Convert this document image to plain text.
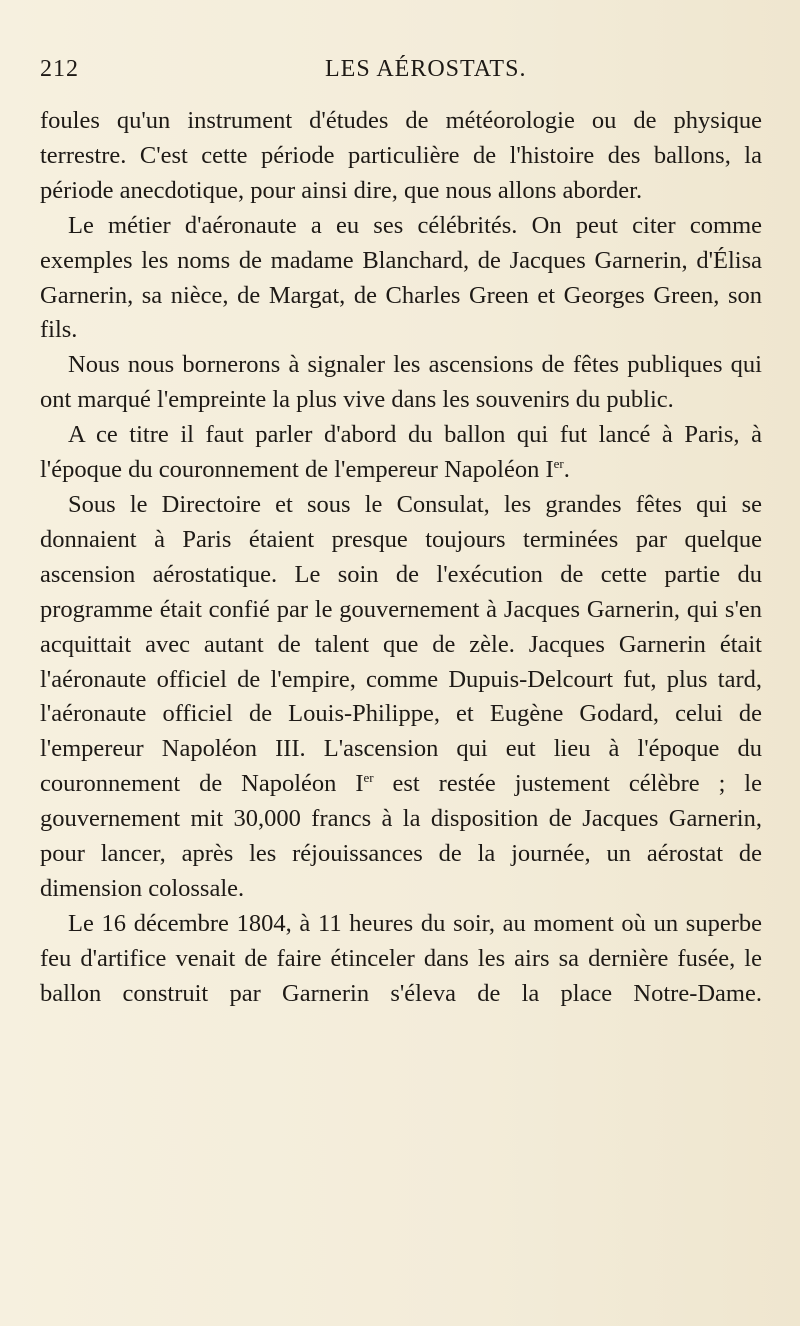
212	LES AÉROSTATS.

foules qu'un instrument d'études de météorologie ou de physique terrestre. C'est cette période particulière de l'histoire des ballons, la période anecdotique, pour ainsi dire, que nous allons aborder.

Le métier d'aéronaute a eu ses célébrités. On peut citer comme exemples les noms de madame Blanchard, de Jacques Garnerin, d'Élisa Garnerin, sa nièce, de Margat, de Charles Green et Georges Green, son fils.

Nous nous bornerons à signaler les ascensions de fêtes publiques qui ont marqué l'empreinte la plus vive dans les souvenirs du public.

A ce titre il faut parler d'abord du ballon qui fut lancé à Paris, à l'époque du couronnement de l'empereur Napoléon Ier.

Sous le Directoire et sous le Consulat, les grandes fêtes qui se donnaient à Paris étaient presque toujours terminées par quelque ascension aérostatique. Le soin de l'exécution de cette partie du programme était confié par le gouvernement à Jacques Garnerin, qui s'en acquittait avec autant de talent que de zèle. Jacques Garnerin était l'aéronaute officiel de l'empire, comme Dupuis-Delcourt fut, plus tard, l'aéronaute officiel de Louis-Philippe, et Eugène Godard, celui de l'empereur Napoléon III. L'ascension qui eut lieu à l'époque du couronnement de Napoléon Ier est restée justement célèbre ; le gouvernement mit 30,000 francs à la disposition de Jacques Garnerin, pour lancer, après les réjouissances de la journée, un aérostat de dimension colossale.

Le 16 décembre 1804, à 11 heures du soir, au moment où un superbe feu d'artifice venait de faire étinceler dans les airs sa dernière fusée, le ballon construit par Garnerin s'éleva de la place Notre-Dame.
